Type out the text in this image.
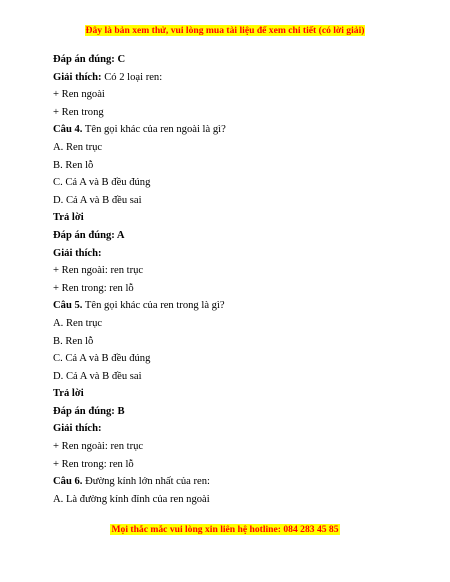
Đây là bản xem thử, vui lòng mua tài liệu để xem chi tiết (có lời giải)
Đáp án đúng: C
Giải thích: Có 2 loại ren:
+ Ren ngoài
+ Ren trong
Câu 4. Tên gọi khác của ren ngoài là gì?
A. Ren trục
B. Ren lỗ
C. Cả A và B đều đúng
D. Cả A và B đều sai
Trả lời
Đáp án đúng: A
Giải thích:
+ Ren ngoài: ren trục
+ Ren trong: ren lỗ
Câu 5. Tên gọi khác của ren trong là gì?
A. Ren trục
B. Ren lỗ
C. Cả A và B đều đúng
D. Cả A và B đều sai
Trả lời
Đáp án đúng: B
Giải thích:
+ Ren ngoài: ren trục
+ Ren trong: ren lỗ
Câu 6. Đường kính lớn nhất của ren:
A. Là đường kính đỉnh của ren ngoài
Mọi thắc mắc vui lòng xin liên hệ hotline: 084 283 45 85
